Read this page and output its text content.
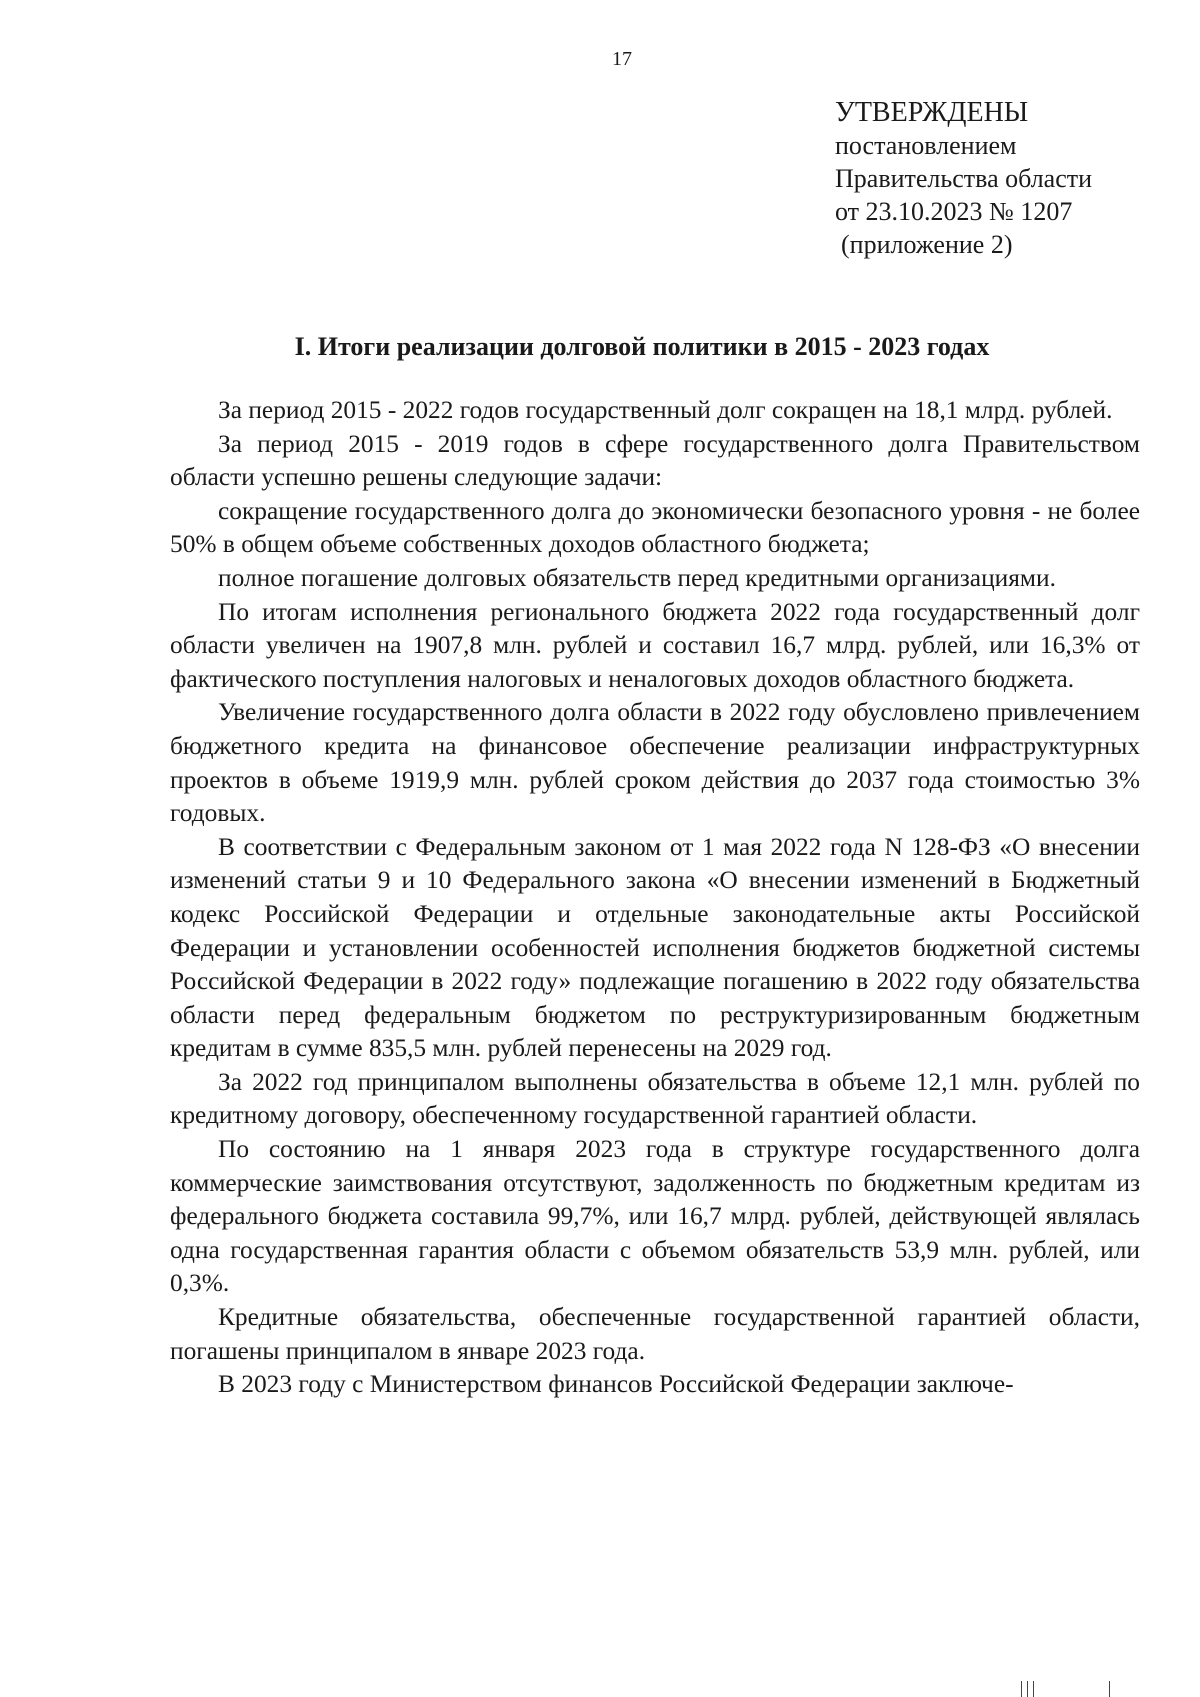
17
УТВЕРЖДЕНЫ
постановлением
Правительства области
от 23.10.2023 № 1207
(приложение 2)
I. Итоги реализации долговой политики в 2015 - 2023 годах

За период 2015 - 2022 годов государственный долг сокращен на 18,1 млрд. рублей.

За период 2015 - 2019 годов в сфере государственного долга Правительством области успешно решены следующие задачи:

сокращение государственного долга до экономически безопасного уровня - не более 50% в общем объеме собственных доходов областного бюджета;

полное погашение долговых обязательств перед кредитными организациями.

По итогам исполнения регионального бюджета 2022 года государственный долг области увеличен на 1907,8 млн. рублей и составил 16,7 млрд. рублей, или 16,3% от фактического поступления налоговых и неналоговых доходов областного бюджета.

Увеличение государственного долга области в 2022 году обусловлено привлечением бюджетного кредита на финансовое обеспечение реализации инфраструктурных проектов в объеме 1919,9 млн. рублей сроком действия до 2037 года стоимостью 3% годовых.

В соответствии с Федеральным законом от 1 мая 2022 года N 128-ФЗ «О внесении изменений статьи 9 и 10 Федерального закона «О внесении изменений в Бюджетный кодекс Российской Федерации и отдельные законодательные акты Российской Федерации и установлении особенностей исполнения бюджетов бюджетной системы Российской Федерации в 2022 году» подлежащие погашению в 2022 году обязательства области перед федеральным бюджетом по реструктуризированным бюджетным кредитам в сумме 835,5 млн. рублей перенесены на 2029 год.

За 2022 год принципалом выполнены обязательства в объеме 12,1 млн. рублей по кредитному договору, обеспеченному государственной гарантией области.

По состоянию на 1 января 2023 года в структуре государственного долга коммерческие заимствования отсутствуют, задолженность по бюджетным кредитам из федерального бюджета составила 99,7%, или 16,7 млрд. рублей, действующей являлась одна государственная гарантия области с объемом обязательств 53,9 млн. рублей, или 0,3%.

Кредитные обязательства, обеспеченные государственной гарантией области, погашены принципалом в январе 2023 года.

В 2023 году с Министерством финансов Российской Федерации заключе-
